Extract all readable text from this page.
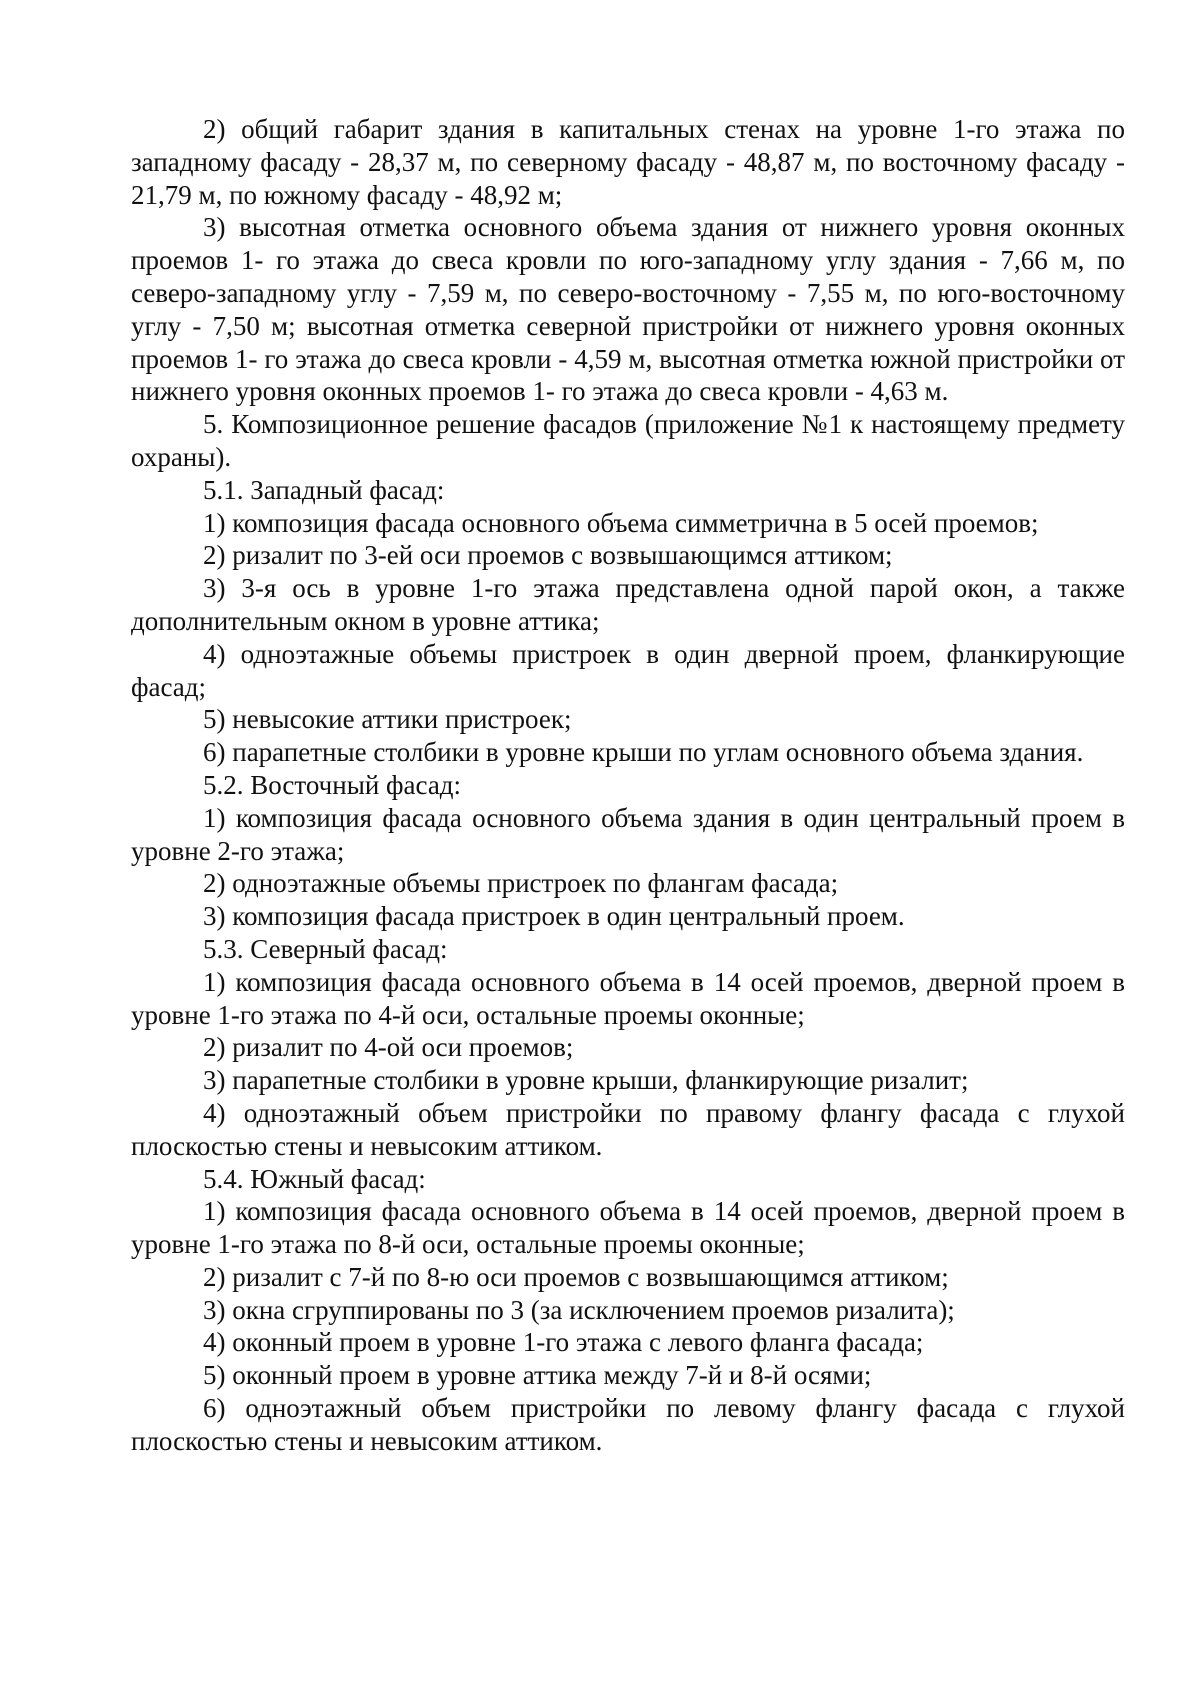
2) общий габарит здания в капитальных стенах на уровне 1-го этажа по западному фасаду - 28,37 м, по северному фасаду - 48,87 м, по восточному фасаду - 21,79 м, по южному фасаду - 48,92 м;

3) высотная отметка основного объема здания от нижнего уровня оконных проемов 1- го этажа до свеса кровли по юго-западному углу здания - 7,66 м, по северо-западному углу - 7,59 м, по северо-восточному - 7,55 м, по юго-восточному углу - 7,50 м; высотная отметка северной пристройки от нижнего уровня оконных проемов 1- го этажа до свеса кровли - 4,59 м, высотная отметка южной пристройки от нижнего уровня оконных проемов 1- го этажа до свеса кровли - 4,63 м.

5. Композиционное решение фасадов (приложение №1 к настоящему предмету охраны).

5.1. Западный фасад:

1) композиция фасада основного объема симметрична в 5 осей проемов;

2) ризалит по 3-ей оси проемов с возвышающимся аттиком;

3) 3-я ось в уровне 1-го этажа представлена одной парой окон, а также дополнительным окном в уровне аттика;

4) одноэтажные объемы пристроек в один дверной проем, фланкирующие фасад;

5) невысокие аттики пристроек;

6) парапетные столбики в уровне крыши по углам основного объема здания.

5.2. Восточный фасад:

1) композиция фасада основного объема здания в один центральный проем в уровне 2-го этажа;

2) одноэтажные объемы пристроек по флангам фасада;

3) композиция фасада пристроек в один центральный проем.

5.3. Северный фасад:

1) композиция фасада основного объема в 14 осей проемов, дверной проем в уровне 1-го этажа по 4-й оси, остальные проемы оконные;

2) ризалит по 4-ой оси проемов;

3) парапетные столбики в уровне крыши, фланкирующие ризалит;

4) одноэтажный объем пристройки по правому флангу фасада с глухой плоскостью стены и невысоким аттиком.

5.4. Южный фасад:

1) композиция фасада основного объема в 14 осей проемов, дверной проем в уровне 1-го этажа по 8-й оси, остальные проемы оконные;

2) ризалит с 7-й по 8-ю оси проемов с возвышающимся аттиком;

3) окна сгруппированы по 3 (за исключением проемов ризалита);

4) оконный проем в уровне 1-го этажа с левого фланга фасада;

5) оконный проем в уровне аттика между 7-й и 8-й осями;

6) одноэтажный объем пристройки по левому флангу фасада с глухой плоскостью стены и невысоким аттиком.
